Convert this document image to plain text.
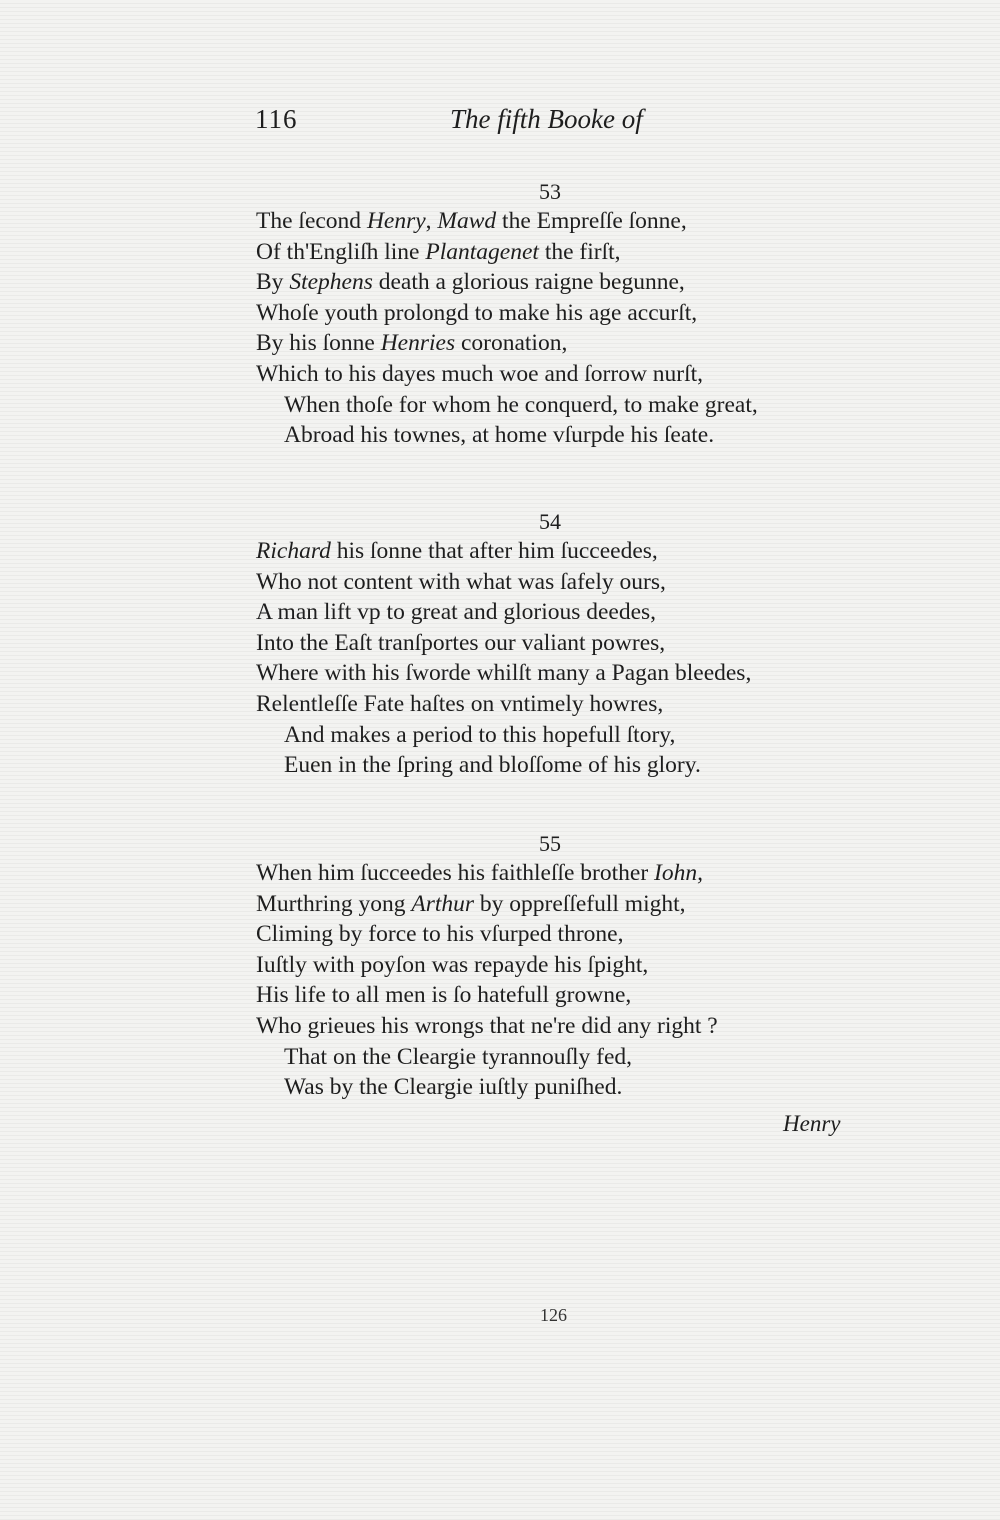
116	The fifth Booke of
53
The ſecond Henry, Mawd the Empreſſe ſonne,
Of th'Engliſh line Plantagenet the firſt,
By Stephens death a glorious raigne begunne,
Whoſe youth prolongd to make his age accurſt,
By his ſonne Henries coronation,
Which to his dayes much woe and ſorrow nurſt,
When thoſe for whom he conquerd, to make great,
Abroad his townes, at home vſurpde his ſeate.
54
Richard his ſonne that after him ſucceedes,
Who not content with what was ſafely ours,
A man lift vp to great and glorious deedes,
Into the Eaſt tranſportes our valiant powres,
Where with his ſworde whilſt many a Pagan bleedes,
Relentleſſe Fate haſtes on vntimely howres,
And makes a period to this hopefull ſtory,
Euen in the ſpring and bloſſome of his glory.
55
When him ſucceedes his faithleſſe brother Iohn,
Murthring yong Arthur by oppreſſefull might,
Climing by force to his vſurped throne,
Iuſtly with poyſon was repayde his ſpight,
His life to all men is ſo hatefull growne,
Who grieues his wrongs that ne're did any right ?
That on the Cleargie tyrannouſly fed,
Was by the Cleargie iuſtly puniſhed.
Henry
126
